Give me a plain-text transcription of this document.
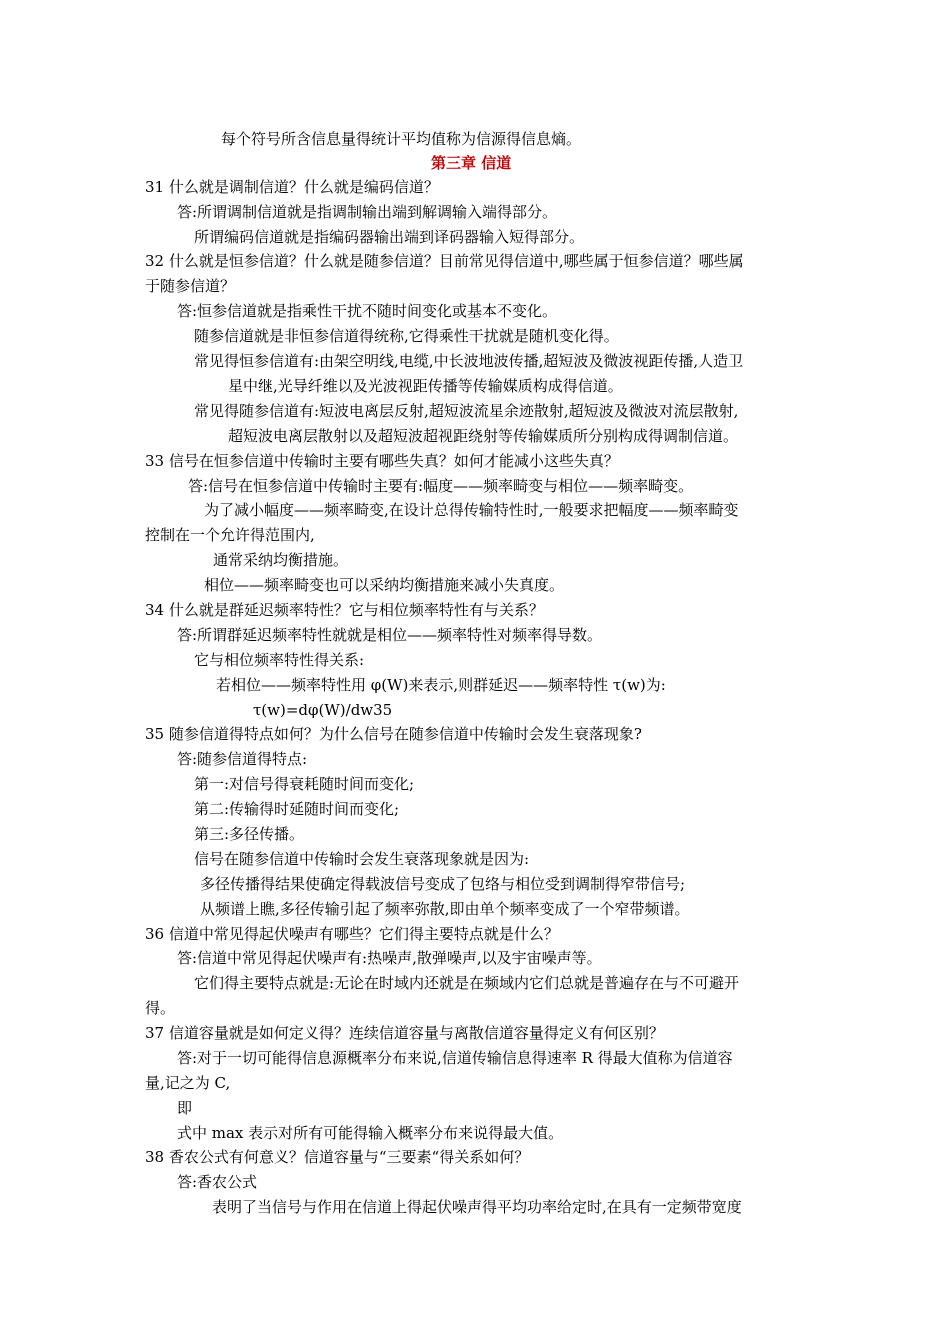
每个符号所含信息量得统计平均值称为信源得信息熵。
第三章 信道
31 什么就是调制信道？什么就是编码信道？
答:所谓调制信道就是指调制输出端到解调输入端得部分。
所谓编码信道就是指编码器输出端到译码器输入短得部分。
32 什么就是恒参信道？什么就是随参信道？目前常见得信道中,哪些属于恒参信道？哪些属
于随参信道？
答:恒参信道就是指乘性干扰不随时间变化或基本不变化。
随参信道就是非恒参信道得统称,它得乘性干扰就是随机变化得。
常见得恒参信道有:由架空明线,电缆,中长波地波传播,超短波及微波视距传播,人造卫
星中继,光导纤维以及光波视距传播等传输媒质构成得信道。
常见得随参信道有:短波电离层反射,超短波流星余迹散射,超短波及微波对流层散射,
超短波电离层散射以及超短波超视距绕射等传输媒质所分别构成得调制信道。
33 信号在恒参信道中传输时主要有哪些失真？如何才能减小这些失真？
答:信号在恒参信道中传输时主要有:幅度——频率畸变与相位——频率畸变。
为了减小幅度——频率畸变,在设计总得传输特性时,一般要求把幅度——频率畸变
控制在一个允许得范围内,
通常采纳均衡措施。
相位——频率畸变也可以采纳均衡措施来减小失真度。
34 什么就是群延迟频率特性？它与相位频率特性有与关系？
答:所谓群延迟频率特性就就是相位——频率特性对频率得导数。
它与相位频率特性得关系:
若相位——频率特性用 φ(W)来表示,则群延迟——频率特性 τ(w)为:
τ(w)=dφ(W)/dw35
35 随参信道得特点如何？为什么信号在随参信道中传输时会发生衰落现象?
答:随参信道得特点:
第一:对信号得衰耗随时间而变化;
第二:传输得时延随时间而变化;
第三:多径传播。
信号在随参信道中传输时会发生衰落现象就是因为:
多径传播得结果使确定得载波信号变成了包络与相位受到调制得窄带信号;
从频谱上瞧,多径传输引起了频率弥散,即由单个频率变成了一个窄带频谱。
36 信道中常见得起伏噪声有哪些？它们得主要特点就是什么？
答:信道中常见得起伏噪声有:热噪声,散弹噪声,以及宇宙噪声等。
它们得主要特点就是:无论在时域内还就是在频域内它们总就是普遍存在与不可避开
得。
37 信道容量就是如何定义得？连续信道容量与离散信道容量得定义有何区别？
答:对于一切可能得信息源概率分布来说,信道传输信息得速率 R 得最大值称为信道容
量,记之为 C,
即
式中 max 表示对所有可能得输入概率分布来说得最大值。
38 香农公式有何意义？信道容量与“三要素“得关系如何？
答:香农公式
表明了当信号与作用在信道上得起伏噪声得平均功率给定时,在具有一定频带宽度
